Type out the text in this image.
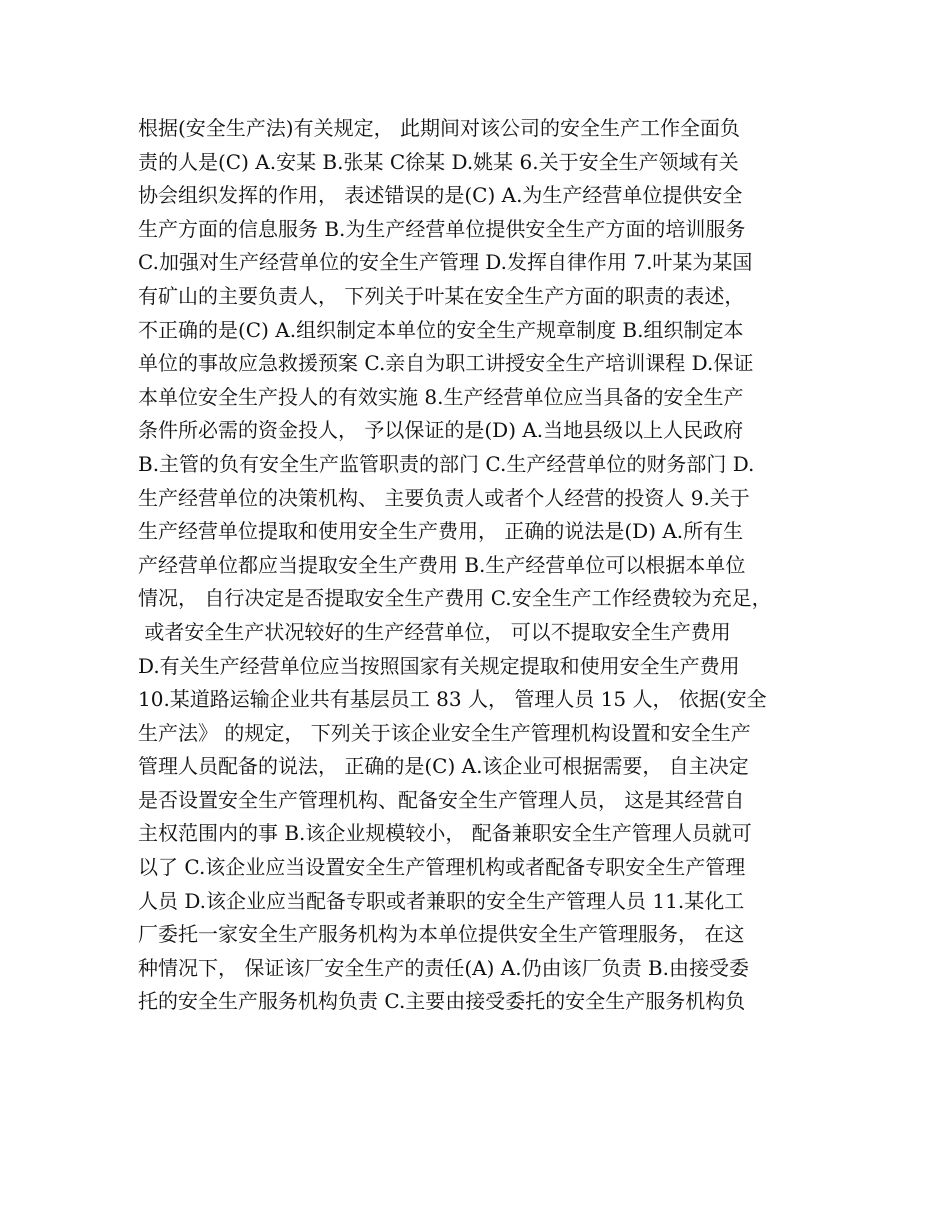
根据(安全生产法)有关规定， 此期间对该公司的安全生产工作全面负
责的人是(C) A.安某 B.张某 C徐某 D.姚某 6.关于安全生产领域有关
协会组织发挥的作用， 表述错误的是(C) A.为生产经营单位提供安全
生产方面的信息服务 B.为生产经营单位提供安全生产方面的培训服务
C.加强对生产经营单位的安全生产管理 D.发挥自律作用 7.叶某为某国
有矿山的主要负责人， 下列关于叶某在安全生产方面的职责的表述，
不正确的是(C) A.组织制定本单位的安全生产规章制度 B.组织制定本
单位的事故应急救援预案 C.亲自为职工讲授安全生产培训课程 D.保证
本单位安全生产投人的有效实施 8.生产经营单位应当具备的安全生产
条件所必需的资金投人， 予以保证的是(D) A.当地县级以上人民政府
B.主管的负有安全生产监管职责的部门 C.生产经营单位的财务部门 D.
生产经营单位的决策机构、 主要负责人或者个人经营的投资人 9.关于
生产经营单位提取和使用安全生产费用， 正确的说法是(D) A.所有生
产经营单位都应当提取安全生产费用 B.生产经营单位可以根据本单位
情况， 自行决定是否提取安全生产费用 C.安全生产工作经费较为充足，
或者安全生产状况较好的生产经营单位， 可以不提取安全生产费用
D.有关生产经营单位应当按照国家有关规定提取和使用安全生产费用
10.某道路运输企业共有基层员工 83 人， 管理人员 15 人， 依据(安全
生产法》 的规定， 下列关于该企业安全生产管理机构设置和安全生产
管理人员配备的说法， 正确的是(C) A.该企业可根据需要， 自主决定
是否设置安全生产管理机构、配备安全生产管理人员， 这是其经营自
主权范围内的事 B.该企业规模较小， 配备兼职安全生产管理人员就可
以了 C.该企业应当设置安全生产管理机构或者配备专职安全生产管理
人员 D.该企业应当配备专职或者兼职的安全生产管理人员 11.某化工
厂委托一家安全生产服务机构为本单位提供安全生产管理服务， 在这
种情况下， 保证该厂安全生产的责任(A) A.仍由该厂负责 B.由接受委
托的安全生产服务机构负责 C.主要由接受委托的安全生产服务机构负
